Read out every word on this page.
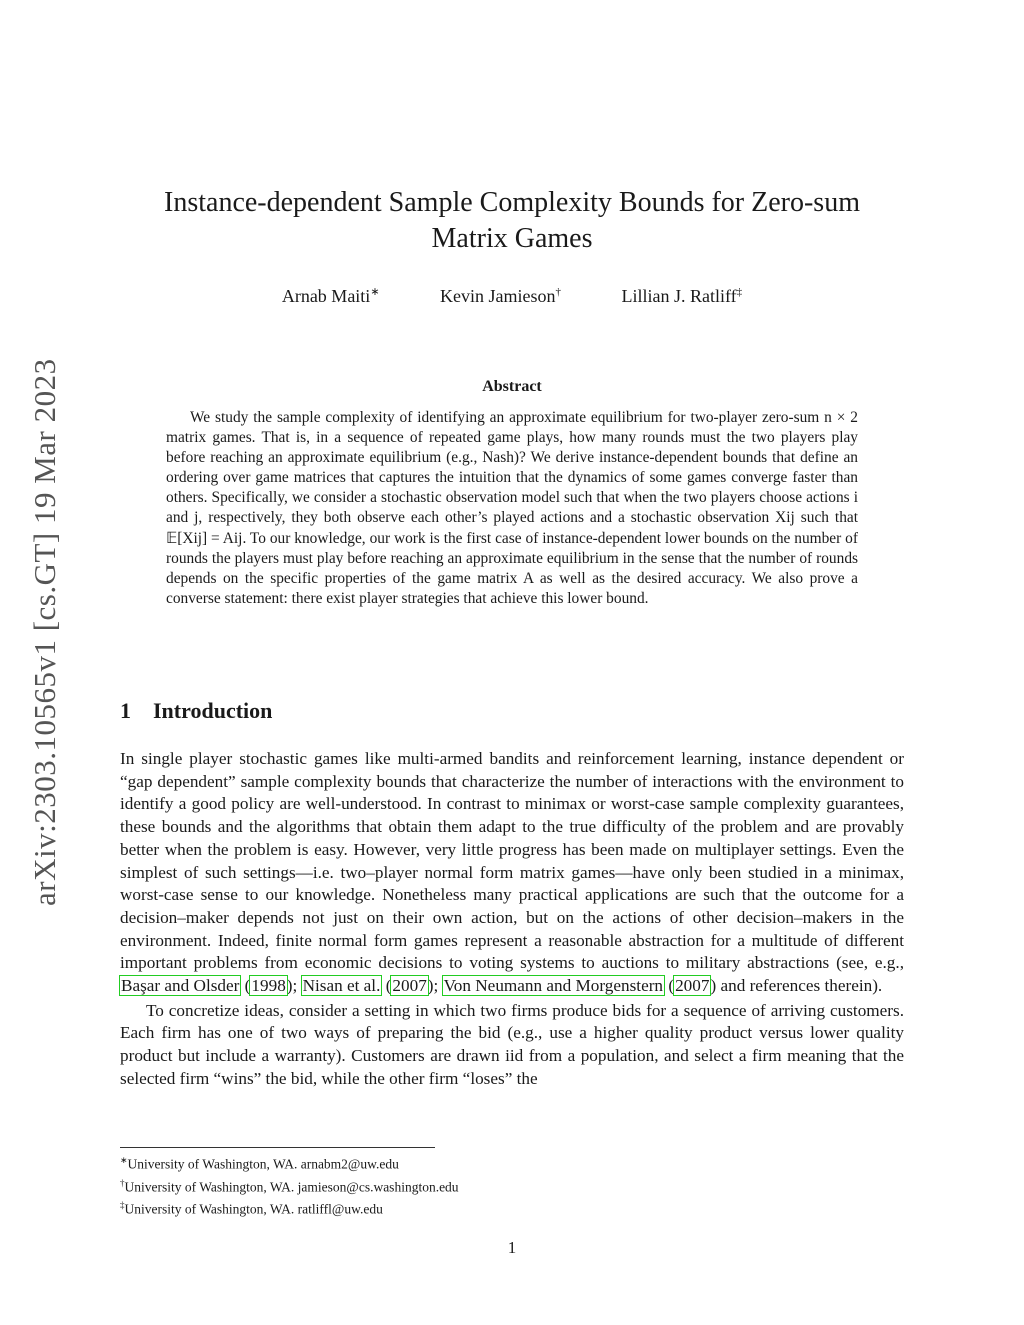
arXiv:2303.10565v1 [cs.GT] 19 Mar 2023
Instance-dependent Sample Complexity Bounds for Zero-sum
Matrix Games
Arnab Maiti∗	Kevin Jamieson†	Lillian J. Ratliff‡
Abstract

We study the sample complexity of identifying an approximate equilibrium for two-player zero-sum n × 2 matrix games. That is, in a sequence of repeated game plays, how many rounds must the two players play before reaching an approximate equilibrium (e.g., Nash)? We derive instance-dependent bounds that define an ordering over game matrices that captures the intuition that the dynamics of some games converge faster than others. Specifically, we consider a stochastic observation model such that when the two players choose actions i and j, respectively, they both observe each other’s played actions and a stochastic observation Xij such that 𝔼[Xij] = Aij. To our knowledge, our work is the first case of instance-dependent lower bounds on the number of rounds the players must play before reaching an approximate equilibrium in the sense that the number of rounds depends on the specific properties of the game matrix A as well as the desired accuracy. We also prove a converse statement: there exist player strategies that achieve this lower bound.

1 Introduction

In single player stochastic games like multi-armed bandits and reinforcement learning, instance dependent or “gap dependent” sample complexity bounds that characterize the number of interactions with the environment to identify a good policy are well-understood. In contrast to minimax or worst-case sample complexity guarantees, these bounds and the algorithms that obtain them adapt to the true difficulty of the problem and are provably better when the problem is easy. However, very little progress has been made on multiplayer settings. Even the simplest of such settings—i.e. two–player normal form matrix games—have only been studied in a minimax, worst-case sense to our knowledge. Nonetheless many practical applications are such that the outcome for a decision–maker depends not just on their own action, but on the actions of other decision–makers in the environment. Indeed, finite normal form games represent a reasonable abstraction for a multitude of different important problems from economic decisions to voting systems to auctions to military abstractions (see, e.g., Başar and Olsder (1998); Nisan et al. (2007); Von Neumann and Morgenstern (2007) and references therein).

To concretize ideas, consider a setting in which two firms produce bids for a sequence of arriving customers. Each firm has one of two ways of preparing the bid (e.g., use a higher quality product versus lower quality product but include a warranty). Customers are drawn iid from a population, and select a firm meaning that the selected firm “wins” the bid, while the other firm “loses” the

∗University of Washington, WA. arnabm2@uw.edu
†University of Washington, WA. jamieson@cs.washington.edu
‡University of Washington, WA. ratliffl@uw.edu
1
